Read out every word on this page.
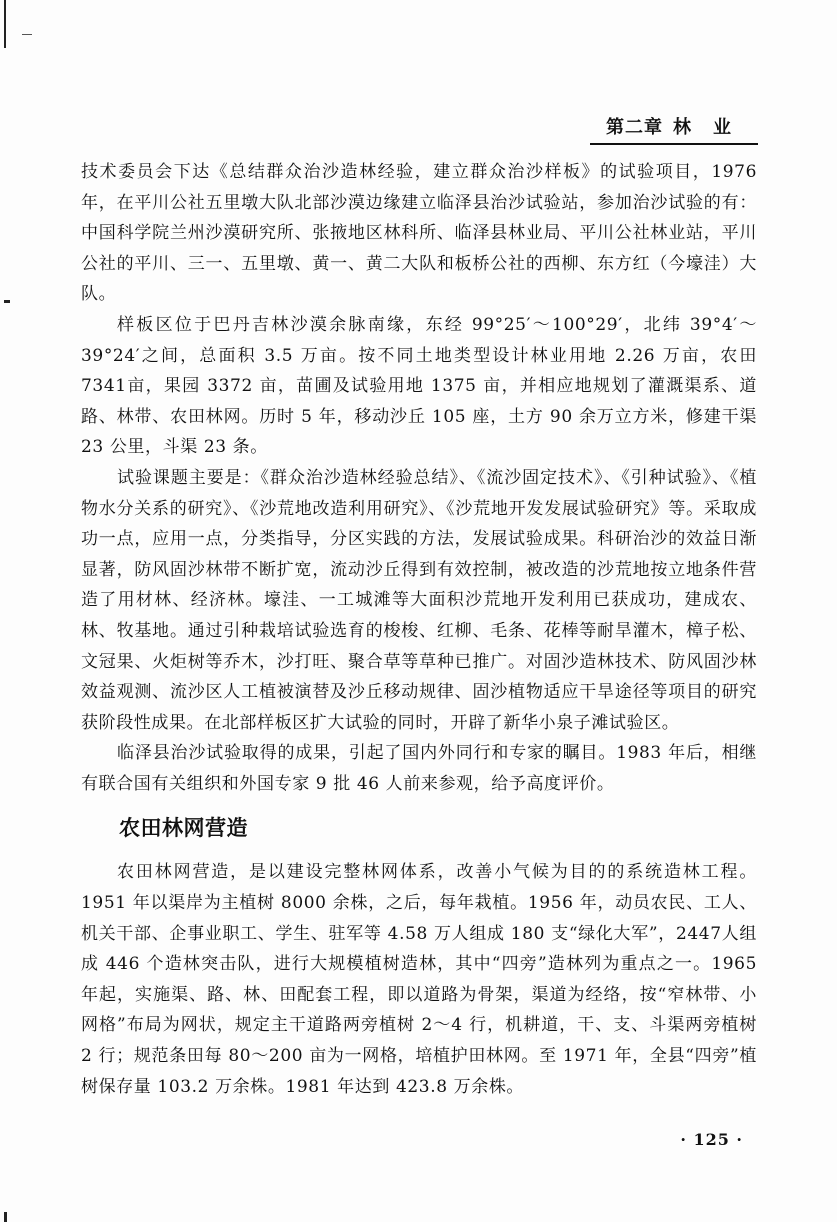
第二章 林业

技术委员会下达《总结群众治沙造林经验，建立群众治沙样板》的试验项目，1976年，在平川公社五里墩大队北部沙漠边缘建立临泽县治沙试验站，参加治沙试验的有：中国科学院兰州沙漠研究所、张掖地区林科所、临泽县林业局、平川公社林业站，平川公社的平川、三一、五里墩、黄一、黄二大队和板桥公社的西柳、东方红（今壕洼）大队。

样板区位于巴丹吉林沙漠余脉南缘，东经 99°25′～100°29′，北纬 39°4′～39°24′之间，总面积 3.5 万亩。按不同土地类型设计林业用地 2.26 万亩，农田 7341亩，果园 3372 亩，苗圃及试验用地 1375 亩，并相应地规划了灌溉渠系、道路、林带、农田林网。历时 5 年，移动沙丘 105 座，土方 90 余万立方米，修建干渠 23 公里，斗渠 23 条。

试验课题主要是：《群众治沙造林经验总结》、《流沙固定技术》、《引种试验》、《植物水分关系的研究》、《沙荒地改造利用研究》、《沙荒地开发发展试验研究》等。采取成功一点，应用一点，分类指导，分区实践的方法，发展试验成果。科研治沙的效益日渐显著，防风固沙林带不断扩宽，流动沙丘得到有效控制，被改造的沙荒地按立地条件营造了用材林、经济林。壕洼、一工城滩等大面积沙荒地开发利用已获成功，建成农、林、牧基地。通过引种栽培试验选育的梭梭、红柳、毛条、花棒等耐旱灌木，樟子松、文冠果、火炬树等乔木，沙打旺、聚合草等草种已推广。对固沙造林技术、防风固沙林效益观测、流沙区人工植被演替及沙丘移动规律、固沙植物适应干旱途径等项目的研究获阶段性成果。在北部样板区扩大试验的同时，开辟了新华小泉子滩试验区。

临泽县治沙试验取得的成果，引起了国内外同行和专家的瞩目。1983 年后，相继有联合国有关组织和外国专家 9 批 46 人前来参观，给予高度评价。

农田林网营造

农田林网营造，是以建设完整林网体系，改善小气候为目的的系统造林工程。1951 年以渠岸为主植树 8000 余株，之后，每年栽植。1956 年，动员农民、工人、机关干部、企事业职工、学生、驻军等 4.58 万人组成 180 支“绿化大军”，2447人组成 446 个造林突击队，进行大规模植树造林，其中“四旁”造林列为重点之一。1965 年起，实施渠、路、林、田配套工程，即以道路为骨架，渠道为经络，按“窄林带、小网格”布局为网状，规定主干道路两旁植树 2～4 行，机耕道，干、支、斗渠两旁植树 2 行；规范条田每 80～200 亩为一网格，培植护田林网。至 1971 年，全县“四旁”植树保存量 103.2 万余株。1981 年达到 423.8 万余株。

· 125 ·
